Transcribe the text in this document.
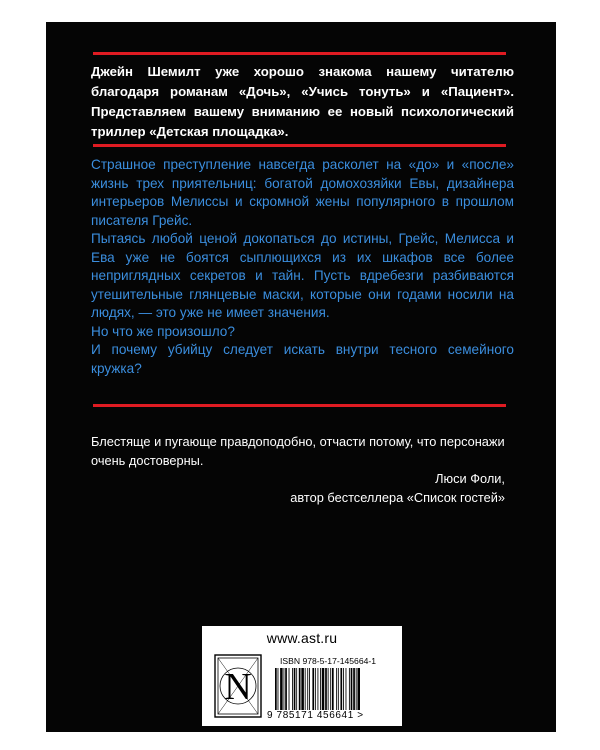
Джейн Шемилт уже хорошо знакома нашему читателю благодаря романам «Дочь», «Учись тонуть» и «Пациент». Представляем вашему вниманию ее новый психологический триллер «Детская площадка».

Страшное преступление навсегда расколет на «до» и «после» жизнь трех приятельниц: богатой домохозяйки Евы, дизайнера интерьеров Мелиссы и скромной жены популярного в прошлом писателя Грейс.

Пытаясь любой ценой докопаться до истины, Грейс, Мелисса и Ева уже не боятся сыплющихся из их шкафов все более неприглядных секретов и тайн. Пусть вдребезги разбиваются утешительные глянцевые маски, которые они годами носили на людях, — это уже не имеет значения.

Но что же произошло?

И почему убийцу следует искать внутри тесного семейного кружка?

Блестяще и пугающе правдоподобно, отчасти потому, что персонажи очень достоверны.

Люси Фоли,
автор бестселлера «Список гостей»
www.ast.ru
N
ISBN 978-5-17-145664-1
9 785171 456641 >
